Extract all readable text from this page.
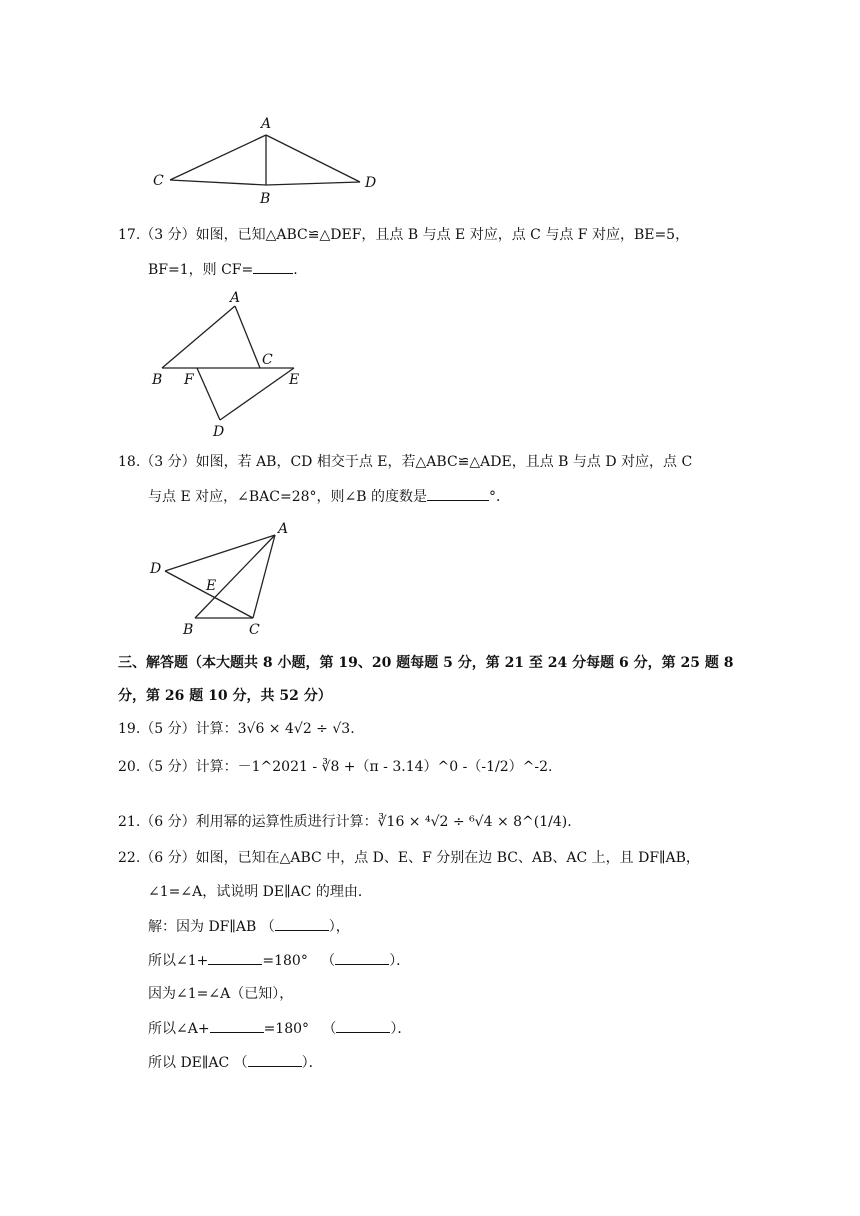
A
C
B
D
17.（3 分）如图，已知△ABC≌△DEF，且点 B 与点 E 对应，点 C 与点 F 对应，BE=5，
BF=1，则 CF=	.
A
B F
C
E
D
18.（3 分）如图，若 AB，CD 相交于点 E，若△ABC≌△ADE，且点 B 与点 D 对应，点 C
与点 E 对应，∠BAC=28°，则∠B 的度数是	°．
A
D
E
B	C
三、解答题（本大题共 8 小题，第 19、20 题每题 5 分，第 21 至 24 分每题 6 分，第 25 题 8
分，第 26 题 10 分，共 52 分）
19.（5 分）计算：3√6 × 4√2 ÷ √3.
20.（5 分）计算：－1^2021 - ∛8 +（π - 3.14）^0 -（-1/2）^-2.
21.（6 分）利用幂的运算性质进行计算：∛16 × ⁴√2 ÷ ⁶√4 × 8^(1/4).
22.（6 分）如图，已知在△ABC 中，点 D、E、F 分别在边 BC、AB、AC 上，且 DF∥AB，
∠1=∠A，试说明 DE∥AC 的理由．
解：因为 DF∥AB （	），
所以∠1+	=180°   （	）．
因为∠1=∠A（已知），
所以∠A+	=180°   （	）．
所以 DE∥AC （	）．
